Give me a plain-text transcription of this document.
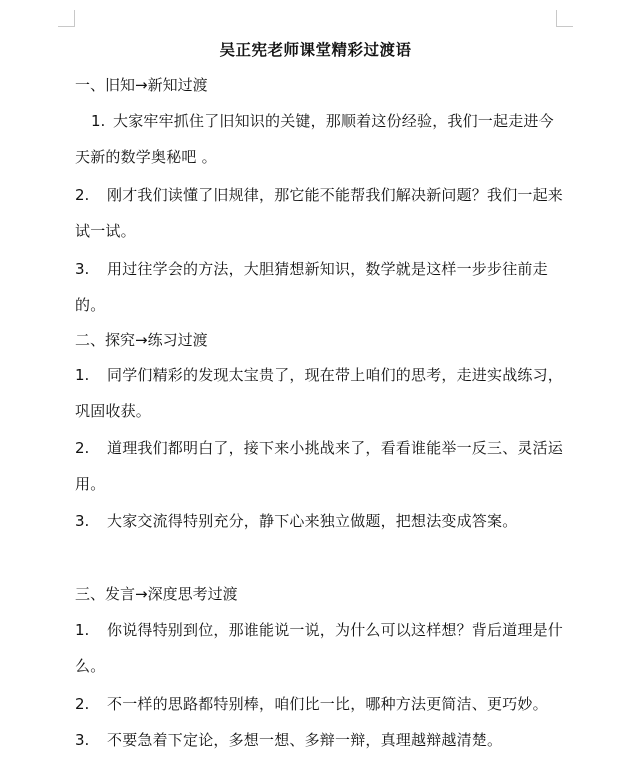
吴正宪老师课堂精彩过渡语
一、旧知→新知过渡
1. 大家牢牢抓住了旧知识的关键，那顺着这份经验，我们一起走进今天新的数学奥秘吧 。
2. 刚才我们读懂了旧规律，那它能不能帮我们解决新问题？我们一起来试一试。
3. 用过往学会的方法，大胆猜想新知识，数学就是这样一步步往前走的。
二、探究→练习过渡
1. 同学们精彩的发现太宝贵了，现在带上咱们的思考，走进实战练习，巩固收获。
2. 道理我们都明白了，接下来小挑战来了，看看谁能举一反三、灵活运用。
3. 大家交流得特别充分，静下心来独立做题，把想法变成答案。
三、发言→深度思考过渡
1. 你说得特别到位，那谁能说一说，为什么可以这样想？背后道理是什么。
2. 不一样的思路都特别棒，咱们比一比，哪种方法更简洁、更巧妙。
3. 不要急着下定论，多想一想、多辩一辩，真理越辩越清楚。
